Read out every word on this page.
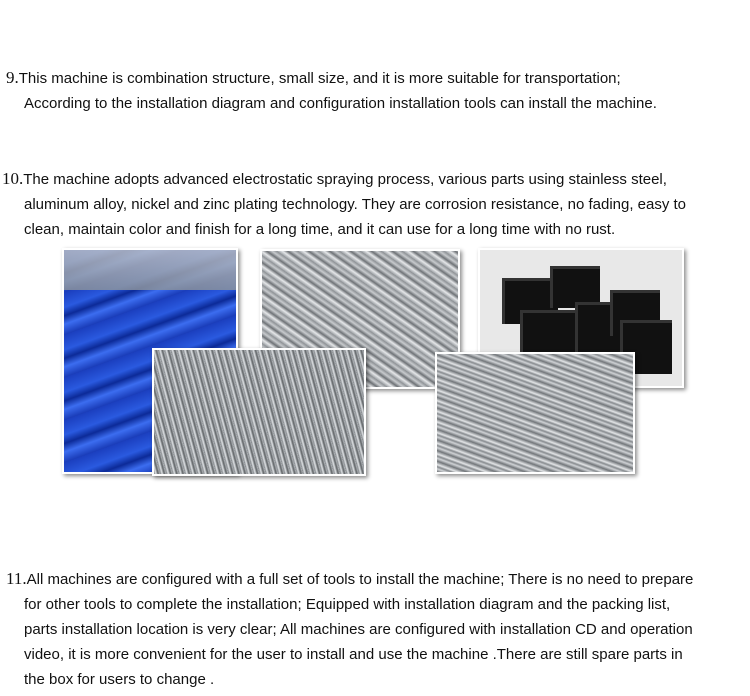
9.This machine is combination structure, small size, and it is more suitable for transportation;
According to the installation diagram and configuration installation tools can install the machine.
10.The machine adopts advanced electrostatic spraying process, various parts using stainless steel,
aluminum alloy, nickel and zinc plating technology. They are corrosion resistance, no fading, easy to
clean, maintain color and finish for a long time, and it can use for a long time with no rust.
11.All machines are configured with a full set of tools to install the machine; There is no need to prepare
for other tools to complete the installation; Equipped with installation diagram and the packing list,
parts installation location is very clear; All machines are configured with installation CD and operation
video, it is more convenient for the user to install and use the machine .There are still spare parts in
the box for users to change .
